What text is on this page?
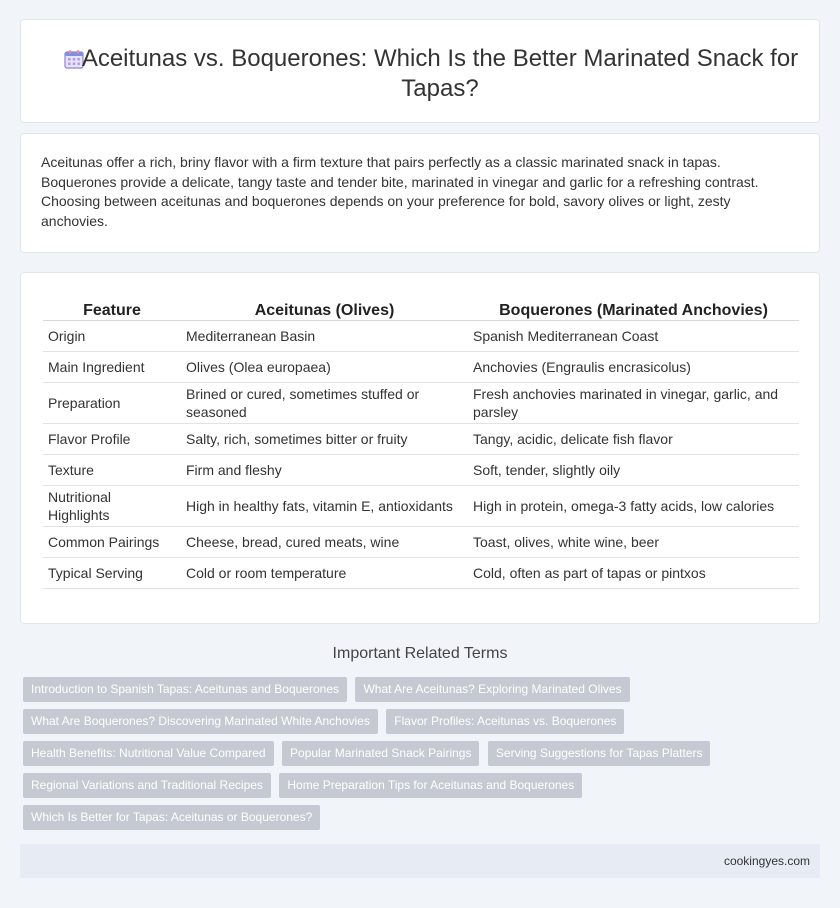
Aceitunas vs. Boquerones: Which Is the Better Marinated Snack for Tapas?

Aceitunas offer a rich, briny flavor with a firm texture that pairs perfectly as a classic marinated snack in tapas. Boquerones provide a delicate, tangy taste and tender bite, marinated in vinegar and garlic for a refreshing contrast. Choosing between aceitunas and boquerones depends on your preference for bold, savory olives or light, zesty anchovies.

Feature	Aceitunas (Olives)	Boquerones (Marinated Anchovies)
Origin	Mediterranean Basin	Spanish Mediterranean Coast
Main Ingredient	Olives (Olea europaea)	Anchovies (Engraulis encrasicolus)
Preparation	Brined or cured, sometimes stuffed or seasoned	Fresh anchovies marinated in vinegar, garlic, and parsley
Flavor Profile	Salty, rich, sometimes bitter or fruity	Tangy, acidic, delicate fish flavor
Texture	Firm and fleshy	Soft, tender, slightly oily
Nutritional Highlights	High in healthy fats, vitamin E, antioxidants	High in protein, omega-3 fatty acids, low calories
Common Pairings	Cheese, bread, cured meats, wine	Toast, olives, white wine, beer
Typical Serving	Cold or room temperature	Cold, often as part of tapas or pintxos
Important Related Terms
Introduction to Spanish Tapas: Aceitunas and Boquerones What Are Aceitunas? Exploring Marinated Olives
What Are Boquerones? Discovering Marinated White Anchovies Flavor Profiles: Aceitunas vs. Boquerones
Health Benefits: Nutritional Value Compared Popular Marinated Snack Pairings Serving Suggestions for Tapas Platters
Regional Variations and Traditional Recipes Home Preparation Tips for Aceitunas and Boquerones
Which Is Better for Tapas: Aceitunas or Boquerones?
cookingyes.com
